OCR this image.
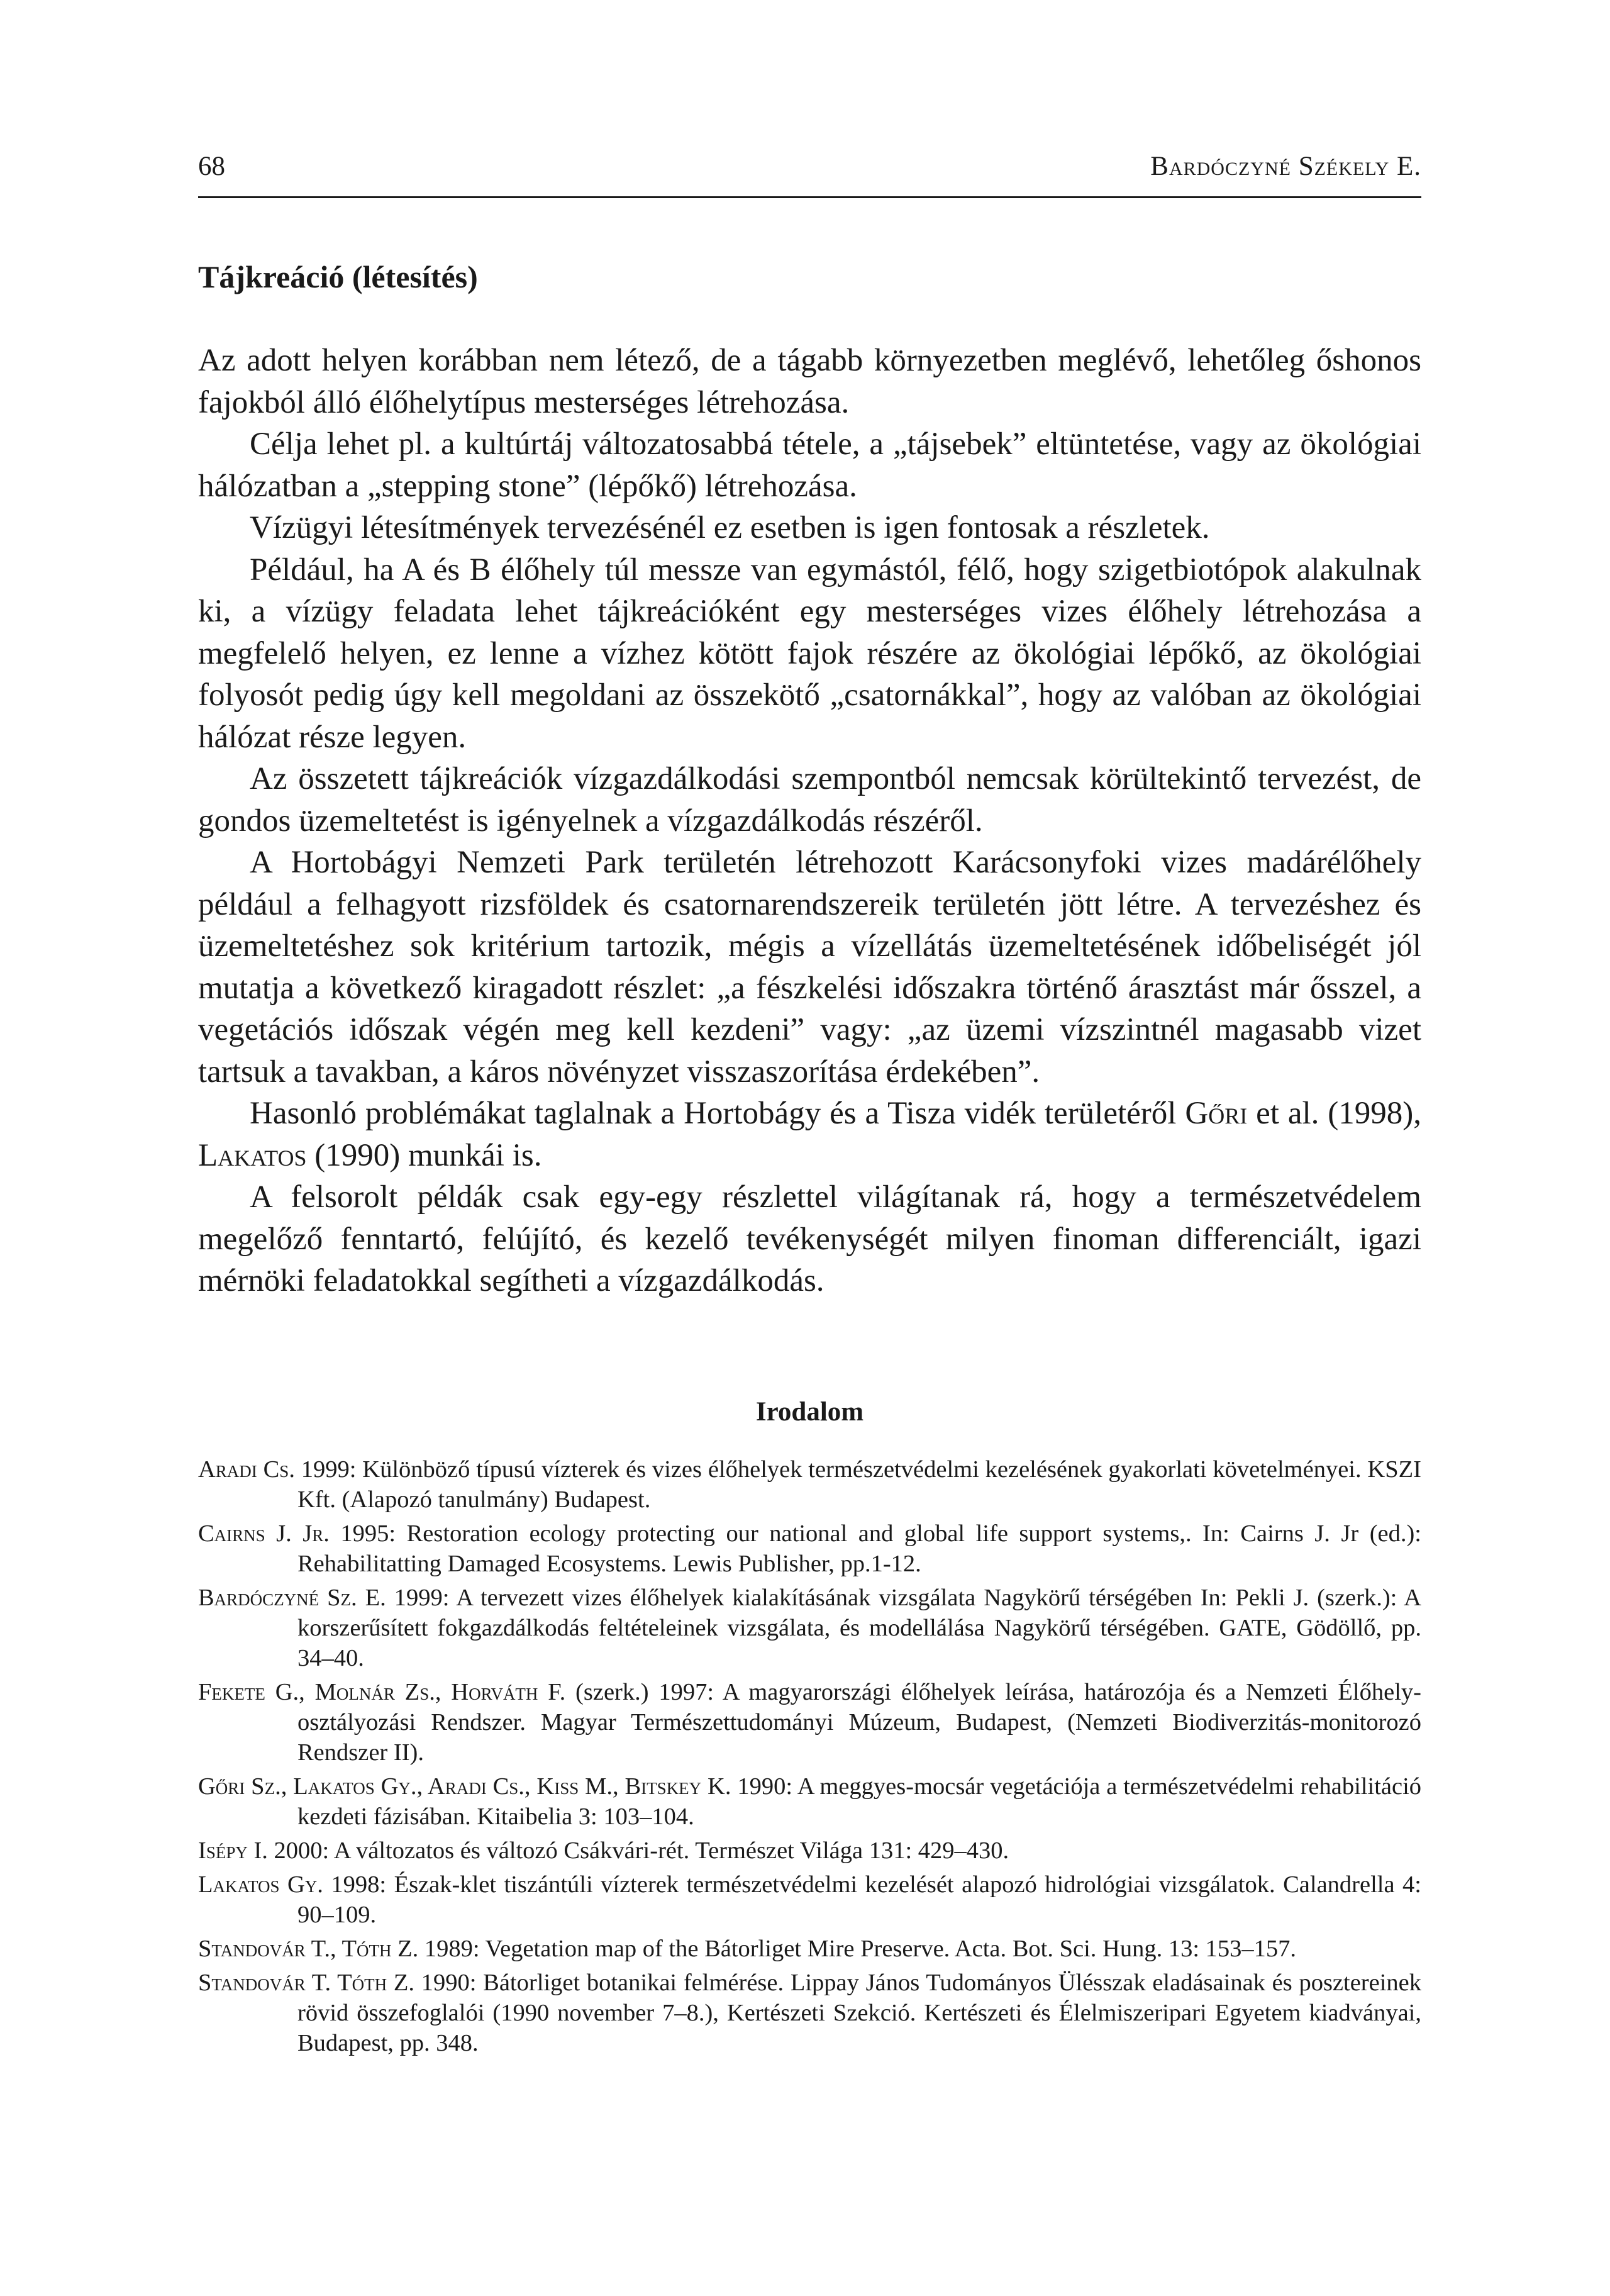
68	Bardóczyné Székely E.
Tájkreáció (létesítés)

Az adott helyen korábban nem létező, de a tágabb környezetben meglévő, lehetőleg őshonos fajokból álló élőhelytípus mesterséges létrehozása.

Célja lehet pl. a kultúrtáj változatosabbá tétele, a „tájsebek” eltüntetése, vagy az ökológiai hálózatban a „stepping stone” (lépőkő) létrehozása.

Vízügyi létesítmények tervezésénél ez esetben is igen fontosak a részletek.

Például, ha A és B élőhely túl messze van egymástól, félő, hogy szigetbiotópok alakulnak ki, a vízügy feladata lehet tájkreációként egy mesterséges vizes élőhely létrehozása a megfelelő helyen, ez lenne a vízhez kötött fajok részére az ökológiai lépőkő, az ökológiai folyosót pedig úgy kell megoldani az összekötő „csatornákkal”, hogy az valóban az ökológiai hálózat része legyen.

Az összetett tájkreációk vízgazdálkodási szempontból nemcsak körültekintő tervezést, de gondos üzemeltetést is igényelnek a vízgazdálkodás részéről.

A Hortobágyi Nemzeti Park területén létrehozott Karácsonyfoki vizes madárélőhely például a felhagyott rizsföldek és csatornarendszereik területén jött létre. A tervezéshez és üzemeltetéshez sok kritérium tartozik, mégis a vízellátás üzemeltetésének időbeliségét jól mutatja a következő kiragadott részlet: „a fészkelési időszakra történő árasztást már ősszel, a vegetációs időszak végén meg kell kezdeni” vagy: „az üzemi vízszintnél magasabb vizet tartsuk a tavakban, a káros növényzet visszaszorítása érdekében”.

Hasonló problémákat taglalnak a Hortobágy és a Tisza vidék területéről Gőri et al. (1998), Lakatos (1990) munkái is.

A felsorolt példák csak egy-egy részlettel világítanak rá, hogy a természetvédelem megelőző fenntartó, felújító, és kezelő tevékenységét milyen finoman differenciált, igazi mérnöki feladatokkal segítheti a vízgazdálkodás.

Irodalom
Aradi Cs. 1999: Különböző típusú vízterek és vizes élőhelyek természetvédelmi kezelésének gyakorlati követelményei. KSZI Kft. (Alapozó tanulmány) Budapest.
Cairns J. Jr. 1995: Restoration ecology protecting our national and global life support systems,. In: Cairns J. Jr (ed.): Rehabilitatting Damaged Ecosystems. Lewis Publisher, pp.1-12.
Bardóczyné Sz. E. 1999: A tervezett vizes élőhelyek kialakításának vizsgálata Nagykörű térségében In: Pekli J. (szerk.): A korszerűsített fokgazdálkodás feltételeinek vizsgálata, és modellálása Nagykörű térségében. GATE, Gödöllő, pp. 34–40.
Fekete G., Molnár Zs., Horváth F. (szerk.) 1997: A magyarországi élőhelyek leírása, határozója és a Nemzeti Élőhely-osztályozási Rendszer. Magyar Természettudományi Múzeum, Budapest, (Nemzeti Biodiverzitás-monitorozó Rendszer II).
Gőri Sz., Lakatos Gy., Aradi Cs., Kiss M., Bitskey K. 1990: A meggyes-mocsár vegetációja a természetvédelmi rehabilitáció kezdeti fázisában. Kitaibelia 3: 103–104.
Isépy I. 2000: A változatos és változó Csákvári-rét. Természet Világa 131: 429–430.
Lakatos Gy. 1998: Észak-klet tiszántúli vízterek természetvédelmi kezelését alapozó hidrológiai vizsgálatok. Calandrella 4: 90–109.
Standovár T., Tóth Z. 1989: Vegetation map of the Bátorliget Mire Preserve. Acta. Bot. Sci. Hung. 13: 153–157.
Standovár T. Tóth Z. 1990: Bátorliget botanikai felmérése. Lippay János Tudományos Ülésszak eladásainak és posztereinek rövid összefoglalói (1990 november 7–8.), Kertészeti Szekció. Kertészeti és Élelmiszeripari Egyetem kiadványai, Budapest, pp. 348.
